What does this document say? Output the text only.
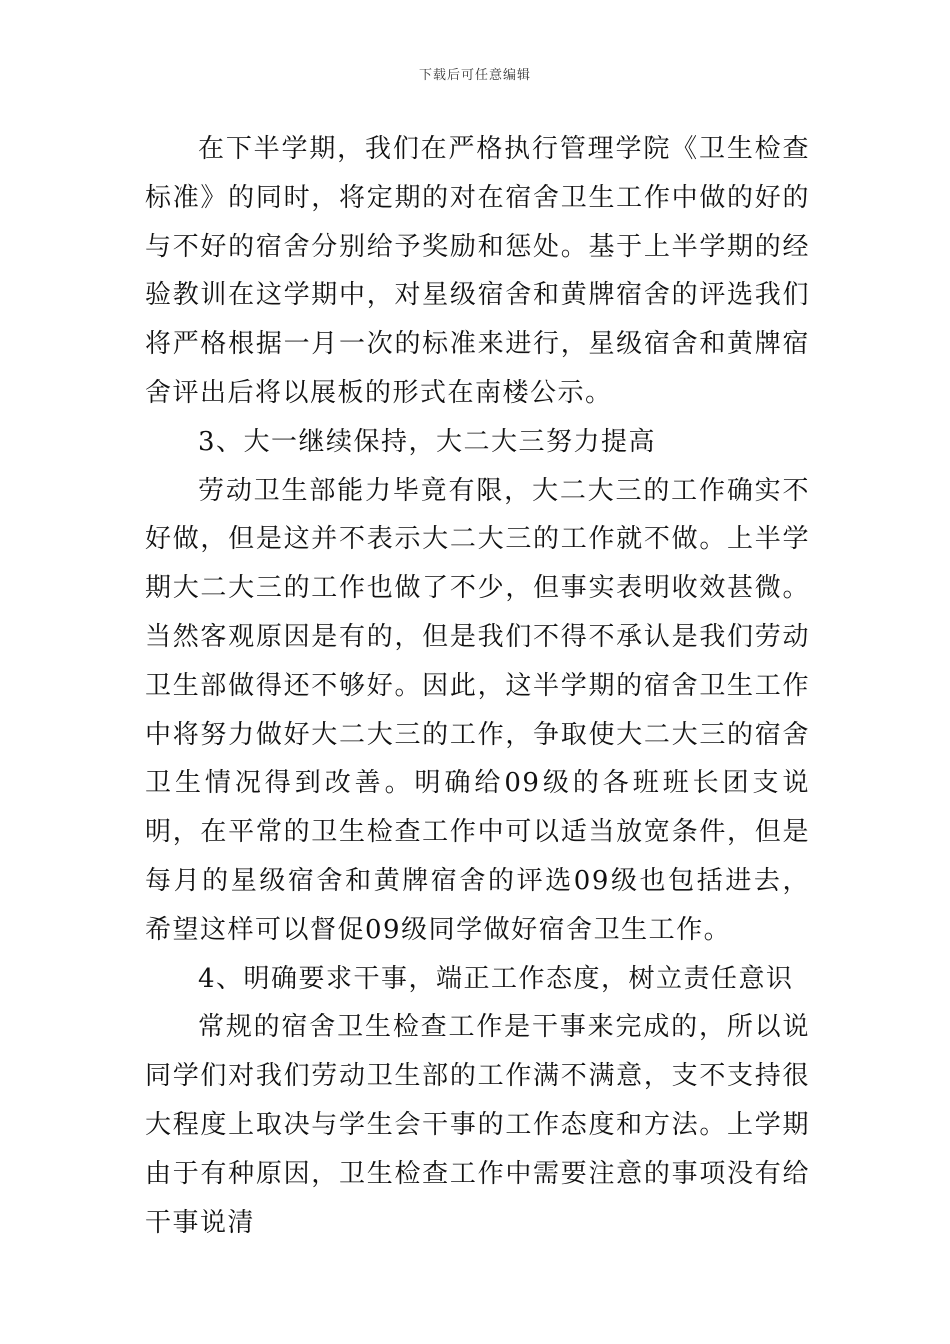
下载后可任意编辑

在下半学期，我们在严格执行管理学院《卫生检查标准》的同时，将定期的对在宿舍卫生工作中做的好的与不好的宿舍分别给予奖励和惩处。基于上半学期的经验教训在这学期中，对星级宿舍和黄牌宿舍的评选我们将严格根据一月一次的标准来进行，星级宿舍和黄牌宿舍评出后将以展板的形式在南楼公示。

3、大一继续保持，大二大三努力提高

劳动卫生部能力毕竟有限，大二大三的工作确实不好做，但是这并不表示大二大三的工作就不做。上半学期大二大三的工作也做了不少，但事实表明收效甚微。当然客观原因是有的，但是我们不得不承认是我们劳动卫生部做得还不够好。因此，这半学期的宿舍卫生工作中将努力做好大二大三的工作，争取使大二大三的宿舍卫生情况得到改善。明确给09级的各班班长团支说明，在平常的卫生检查工作中可以适当放宽条件，但是每月的星级宿舍和黄牌宿舍的评选09级也包括进去，希望这样可以督促09级同学做好宿舍卫生工作。

4、明确要求干事，端正工作态度，树立责任意识

常规的宿舍卫生检查工作是干事来完成的，所以说同学们对我们劳动卫生部的工作满不满意，支不支持很大程度上取决与学生会干事的工作态度和方法。上学期由于有种原因，卫生检查工作中需要注意的事项没有给干事说清
